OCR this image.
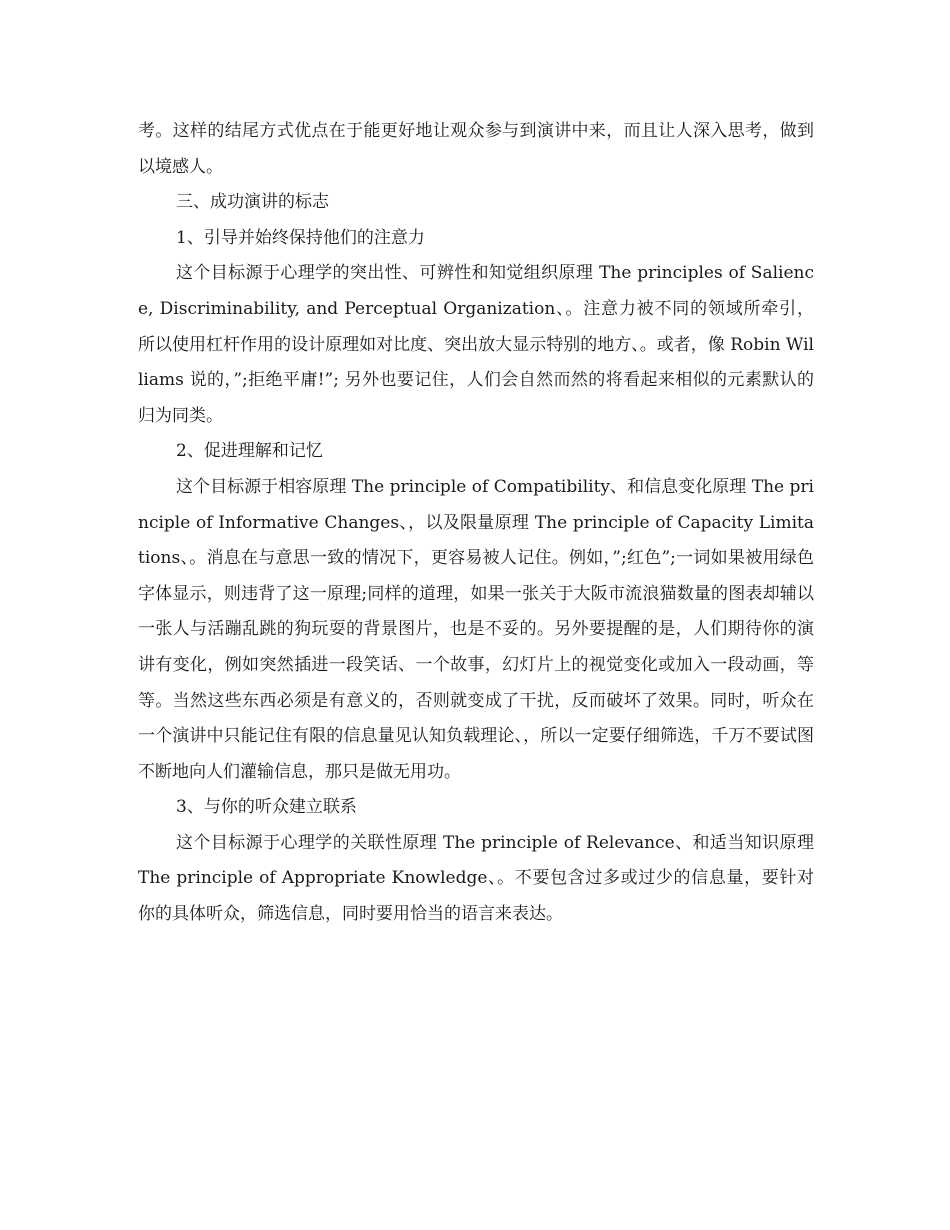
考。这样的结尾方式优点在于能更好地让观众参与到演讲中来，而且让人深入思考，做到以境感人。

三、成功演讲的标志

1、引导并始终保持他们的注意力

这个目标源于心理学的突出性、可辨性和知觉组织原理 The principles of Salience, Discriminability, and Perceptual Organization、。注意力被不同的领域所牵引，所以使用杠杆作用的设计原理如对比度、突出放大显示特别的地方、。或者，像 Robin Williams 说的，”;拒绝平庸!”; 另外也要记住，人们会自然而然的将看起来相似的元素默认的归为同类。

2、促进理解和记忆

这个目标源于相容原理 The principle of Compatibility、和信息变化原理 The principle of Informative Changes、，以及限量原理 The principle of Capacity Limitations、。消息在与意思一致的情况下，更容易被人记住。例如，”;红色”;一词如果被用绿色字体显示，则违背了这一原理;同样的道理，如果一张关于大阪市流浪猫数量的图表却辅以一张人与活蹦乱跳的狗玩耍的背景图片，也是不妥的。另外要提醒的是，人们期待你的演讲有变化，例如突然插进一段笑话、一个故事，幻灯片上的视觉变化或加入一段动画，等等。当然这些东西必须是有意义的，否则就变成了干扰，反而破坏了效果。同时，听众在一个演讲中只能记住有限的信息量见认知负载理论、，所以一定要仔细筛选，千万不要试图不断地向人们灌输信息，那只是做无用功。

3、与你的听众建立联系

这个目标源于心理学的关联性原理 The principle of Relevance、和适当知识原理 The principle of Appropriate Knowledge、。不要包含过多或过少的信息量，要针对你的具体听众，筛选信息，同时要用恰当的语言来表达。
